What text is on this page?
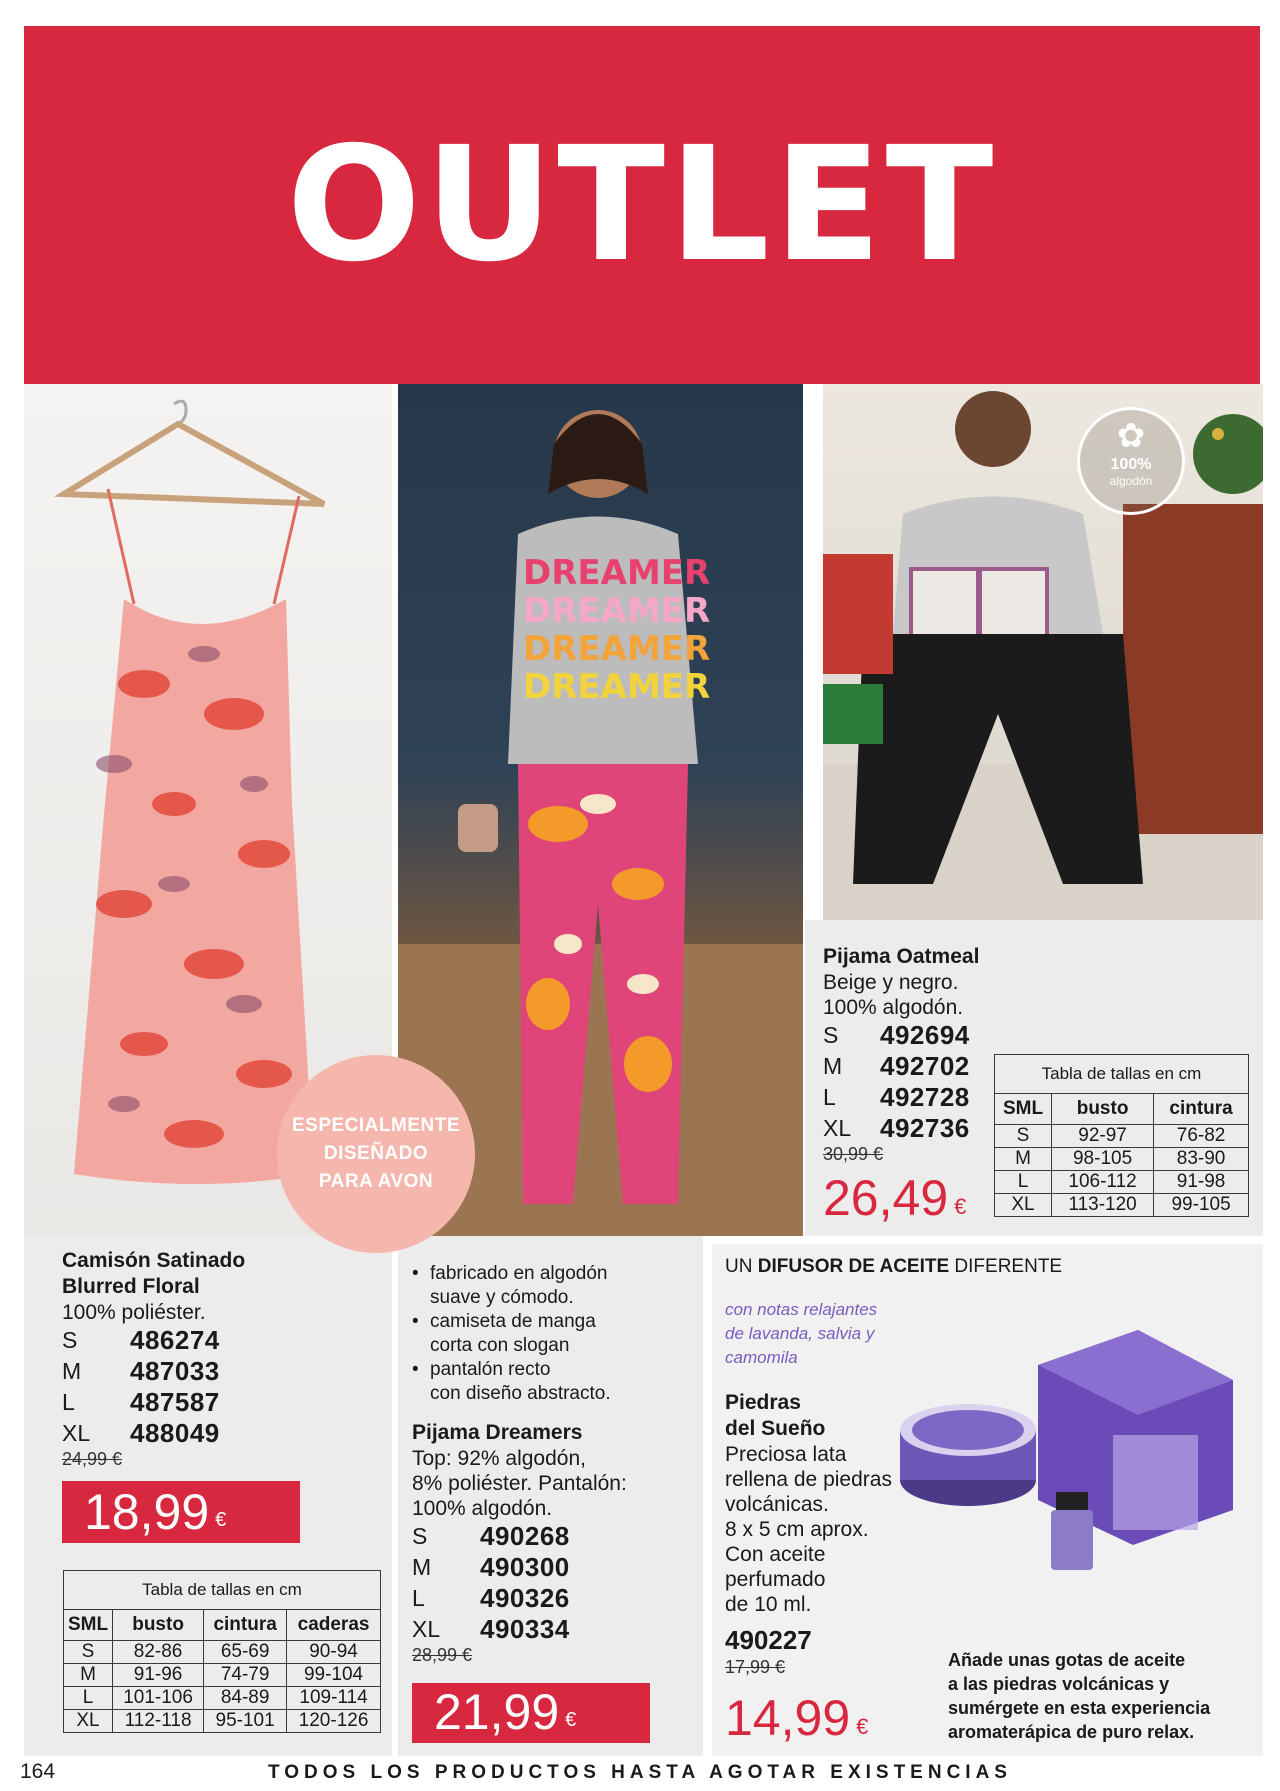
OUTLET
DREAMER
DREAMER
DREAMER
DREAMER
✿
100%
algodón
ESPECIALMENTE
DISEÑADO
PARA AVON
Camisón Satinado
Blurred Floral
100% poliéster.
S	486274
M	487033
L	487587
XL	488049
24,99 €
18,99 €
Tabla de tallas en cm			
SML	busto	cintura	caderas
S	82-86	65-69	90-94
M	91-96	74-79	99-104
L	101-106	84-89	109-114
XL	112-118	95-101	120-126
• fabricado en algodón
suave y cómodo.
• camiseta de manga
corta con slogan
• pantalón recto
con diseño abstracto.
Pijama Dreamers
Top: 92% algodón,
8% poliéster. Pantalón:
100% algodón.
S	490268
M	490300
L	490326
XL	490334
28,99 €
21,99 €
Pijama Oatmeal
Beige y negro.
100% algodón.
S	492694
M	492702
L	492728
XL	492736
30,99 €
26,49 €
Tabla de tallas en cm		
SML	busto	cintura
S	92-97	76-82
M	98-105	83-90
L	106-112	91-98
XL	113-120	99-105
UN DIFUSOR DE ACEITE DIFERENTE
con notas relajantes
de lavanda, salvia y
camomila
Piedras
del Sueño
Preciosa lata
rellena de piedras
volcánicas.
8 x 5 cm aprox.
Con aceite
perfumado
de 10 ml.
490227
17,99 €
14,99 €
Añade unas gotas de aceite
a las piedras volcánicas y
sumérgete en esta experiencia
aromaterápica de puro relax.
164	TODOS LOS PRODUCTOS HASTA AGOTAR EXISTENCIAS
